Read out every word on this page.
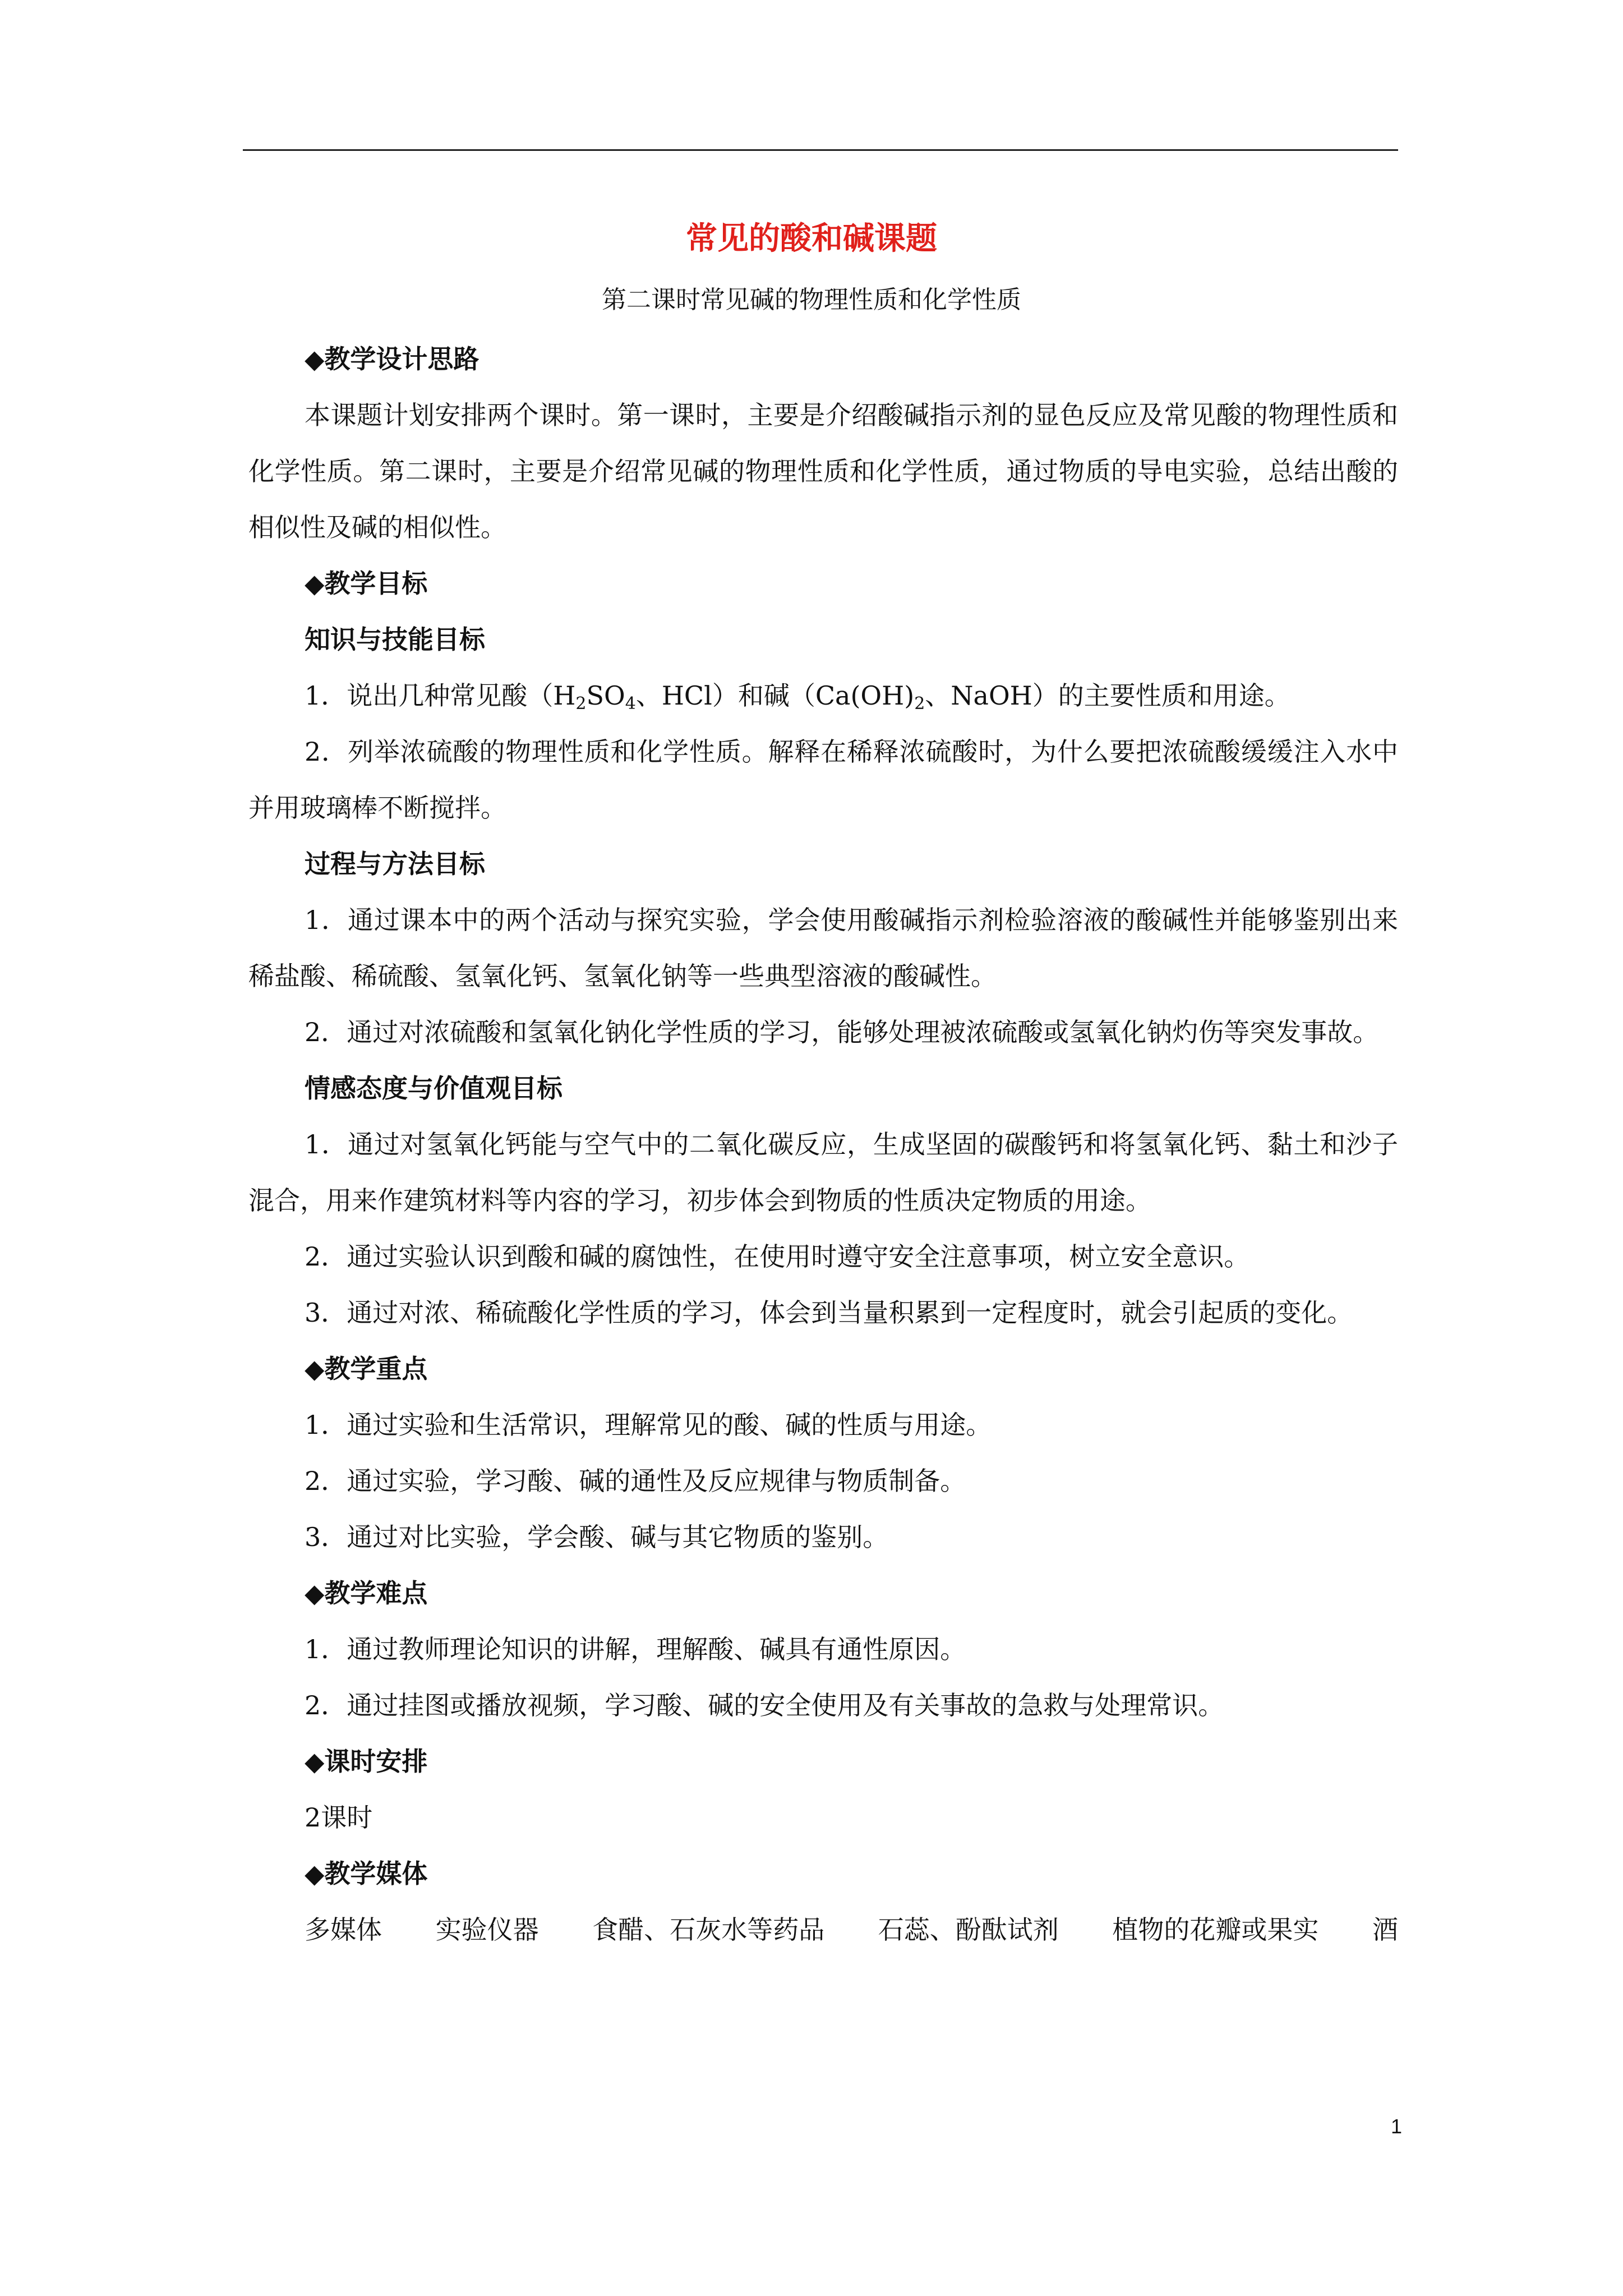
常见的酸和碱课题
第二课时常见碱的物理性质和化学性质
◆教学设计思路
本课题计划安排两个课时。第一课时，主要是介绍酸碱指示剂的显色反应及常见酸的物理性质和化学性质。第二课时，主要是介绍常见碱的物理性质和化学性质，通过物质的导电实验，总结出酸的相似性及碱的相似性。
◆教学目标
知识与技能目标
1．说出几种常见酸（$H_2SO_4$、HCl）和碱（$Ca(OH)_2$、NaOH）的主要性质和用途。
2．列举浓硫酸的物理性质和化学性质。解释在稀释浓硫酸时，为什么要把浓硫酸缓缓注入水中并用玻璃棒不断搅拌。
过程与方法目标
1．通过课本中的两个活动与探究实验，学会使用酸碱指示剂检验溶液的酸碱性并能够鉴别出来稀盐酸、稀硫酸、氢氧化钙、氢氧化钠等一些典型溶液的酸碱性。
2．通过对浓硫酸和氢氧化钠化学性质的学习，能够处理被浓硫酸或氢氧化钠灼伤等突发事故。
情感态度与价值观目标
1．通过对氢氧化钙能与空气中的二氧化碳反应，生成坚固的碳酸钙和将氢氧化钙、黏土和沙子混合，用来作建筑材料等内容的学习，初步体会到物质的性质决定物质的用途。
2．通过实验认识到酸和碱的腐蚀性，在使用时遵守安全注意事项，树立安全意识。
3．通过对浓、稀硫酸化学性质的学习，体会到当量积累到一定程度时，就会引起质的变化。
◆教学重点
1．通过实验和生活常识，理解常见的酸、碱的性质与用途。
2．通过实验，学习酸、碱的通性及反应规律与物质制备。
3．通过对比实验，学会酸、碱与其它物质的鉴别。
◆教学难点
1．通过教师理论知识的讲解，理解酸、碱具有通性原因。
2．通过挂图或播放视频，学习酸、碱的安全使用及有关事故的急救与处理常识。
◆课时安排
2课时
◆教学媒体
多媒体 实验仪器 食醋、石灰水等药品 石蕊、酚酞试剂 植物的花瓣或果实 酒
1
